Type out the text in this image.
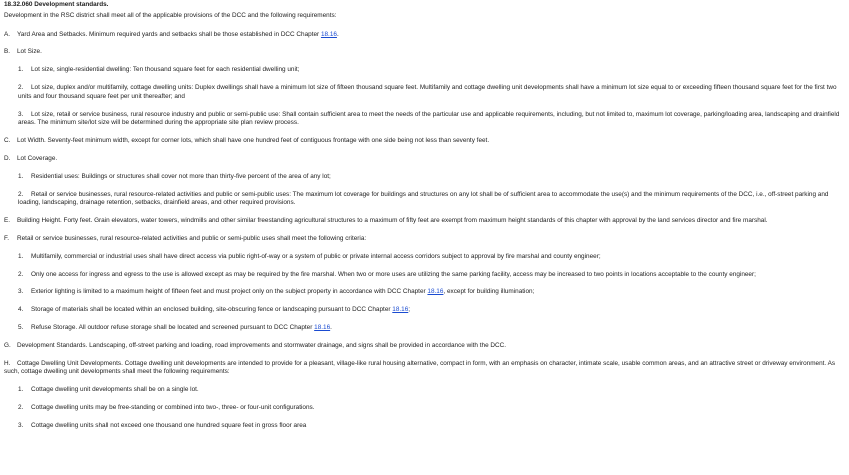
18.32.060 Development standards.

Development in the RSC district shall meet all of the applicable provisions of the DCC and the following requirements:

A. Yard Area and Setbacks. Minimum required yards and setbacks shall be those established in DCC Chapter 18.16.

B. Lot Size.

1. Lot size, single-residential dwelling: Ten thousand square feet for each residential dwelling unit;

2. Lot size, duplex and/or multifamily, cottage dwelling units: Duplex dwellings shall have a minimum lot size of fifteen thousand square feet. Multifamily and cottage dwelling unit developments shall have a minimum lot size equal to or exceeding fifteen thousand square feet for the first two units and four thousand square feet per unit thereafter; and

3. Lot size, retail or service business, rural resource industry and public or semi-public use: Shall contain sufficient area to meet the needs of the particular use and applicable requirements, including, but not limited to, maximum lot coverage, parking/loading area, landscaping and drainfield areas. The minimum site/lot size will be determined during the appropriate site plan review process.

C. Lot Width. Seventy-feet minimum width, except for corner lots, which shall have one hundred feet of contiguous frontage with one side being not less than seventy feet.

D. Lot Coverage.

1. Residential uses: Buildings or structures shall cover not more than thirty-five percent of the area of any lot;

2. Retail or service businesses, rural resource-related activities and public or semi-public uses: The maximum lot coverage for buildings and structures on any lot shall be of sufficient area to accommodate the use(s) and the minimum requirements of the DCC, i.e., off-street parking and loading, landscaping, drainage retention, setbacks, drainfield areas, and other required provisions.

E. Building Height. Forty feet. Grain elevators, water towers, windmills and other similar freestanding agricultural structures to a maximum of fifty feet are exempt from maximum height standards of this chapter with approval by the land services director and fire marshal.

F. Retail or service businesses, rural resource-related activities and public or semi-public uses shall meet the following criteria:

1. Multifamily, commercial or industrial uses shall have direct access via public right-of-way or a system of public or private internal access corridors subject to approval by fire marshal and county engineer;

2. Only one access for ingress and egress to the use is allowed except as may be required by the fire marshal. When two or more uses are utilizing the same parking facility, access may be increased to two points in locations acceptable to the county engineer;

3. Exterior lighting is limited to a maximum height of fifteen feet and must project only on the subject property in accordance with DCC Chapter 18.16, except for building illumination;

4. Storage of materials shall be located within an enclosed building, site-obscuring fence or landscaping pursuant to DCC Chapter 18.16;

5. Refuse Storage. All outdoor refuse storage shall be located and screened pursuant to DCC Chapter 18.16.

G. Development Standards. Landscaping, off-street parking and loading, road improvements and stormwater drainage, and signs shall be provided in accordance with the DCC.

H. Cottage Dwelling Unit Developments. Cottage dwelling unit developments are intended to provide for a pleasant, village-like rural housing alternative, compact in form, with an emphasis on character, intimate scale, usable common areas, and an attractive street or driveway environment. As such, cottage dwelling unit developments shall meet the following requirements:

1. Cottage dwelling unit developments shall be on a single lot.

2. Cottage dwelling units may be free-standing or combined into two-, three- or four-unit configurations.

3. Cottage dwelling units shall not exceed one thousand one hundred square feet in gross floor area
